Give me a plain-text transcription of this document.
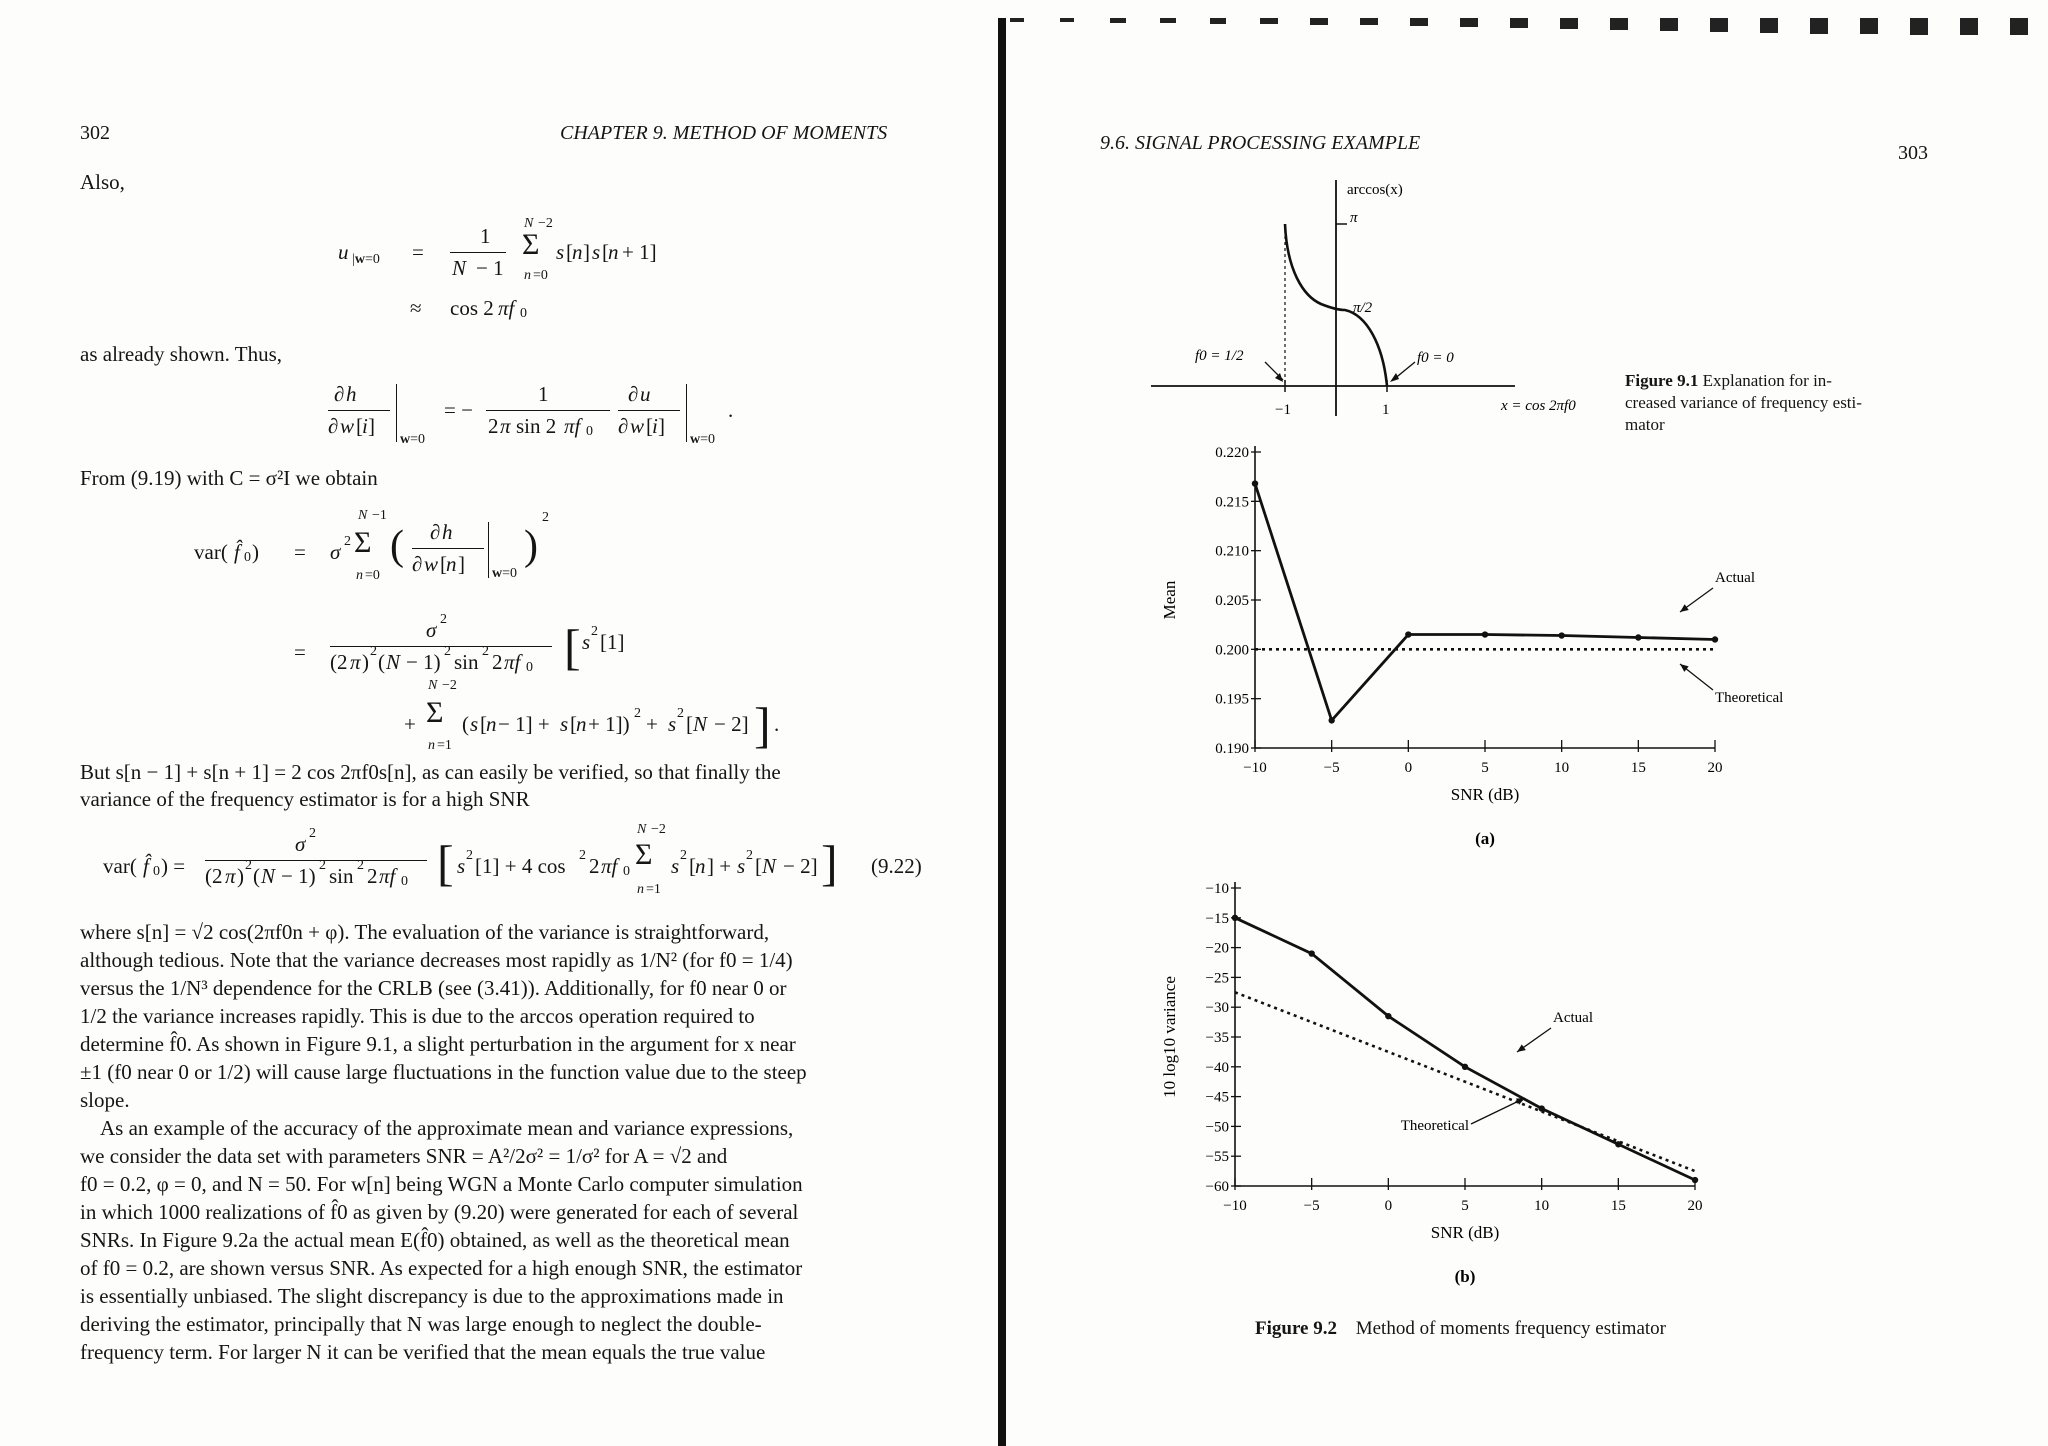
302	CHAPTER 9. METHOD OF MOMENTS
Also,
u |w=0 =
1
N − 1
N −2
Σ
n =0
s [ n ] s [ n + 1]
≈ cos 2 πf 0
as already shown. Thus,
∂ h
∂ w [ i ]
w=0
= −
1
2 π sin 2 πf 0
∂ u
∂ w [ i ]
w=0
.
From (9.19) with C = σ²I we obtain
var( f̂ 0 ) = σ 2
N −1
Σ
n =0
( ∂ h
∂ w [ n ] w=0
)
2
=
σ 2
(2 π ) 2 ( N − 1) 2 sin 2 2 πf 0 [ s 2 [1]
+
N −2
Σ
n =1
( s [ n − 1] + s [ n + 1]) 2 + s 2 [ N − 2] ] .
But s[n − 1] + s[n + 1] = 2 cos 2πf0s[n], as can easily be verified, so that finally the
variance of the frequency estimator is for a high SNR
var( f̂ 0 ) =
σ 2
(2 π ) 2 ( N − 1) 2 sin 2 2 πf 0 [ s 2 [1] + 4 cos 2 2 πf 0
N −2
Σ
n =1
s 2 [ n ] + s 2 [ N − 2] ] (9.22)
where s[n] = √2 cos(2πf0n + φ). The evaluation of the variance is straightforward,
although tedious. Note that the variance decreases most rapidly as 1/N² (for f0 = 1/4)
versus the 1/N³ dependence for the CRLB (see (3.41)). Additionally, for f0 near 0 or
1/2 the variance increases rapidly. This is due to the arccos operation required to
determine f̂0. As shown in Figure 9.1, a slight perturbation in the argument for x near
±1 (f0 near 0 or 1/2) will cause large fluctuations in the function value due to the steep
slope.
As an example of the accuracy of the approximate mean and variance expressions,
we consider the data set with parameters SNR = A²/2σ² = 1/σ² for A = √2 and
f0 = 0.2, φ = 0, and N = 50. For w[n] being WGN a Monte Carlo computer simulation
in which 1000 realizations of f̂0 as given by (9.20) were generated for each of several
SNRs. In Figure 9.2a the actual mean E(f̂0) obtained, as well as the theoretical mean
of f0 = 0.2, are shown versus SNR. As expected for a high enough SNR, the estimator
is essentially unbiased. The slight discrepancy is due to the approximations made in
deriving the estimator, principally that N was large enough to neglect the double-
frequency term. For larger N it can be verified that the mean equals the true value
9.6. SIGNAL PROCESSING EXAMPLE	303
arccos(x)
π
π/2
f0 = 1/2	f0 = 0
−1	1	x = cos 2πf0
Figure 9.1 Explanation for in-
creased variance of frequency esti-
mator
0.190
0.195
0.200
0.205
0.210
0.215
0.220
−10	−5	0	5	10	15	20
SNR (dB)
Mean
(a)
Actual
Theoretical
−60
−55
−50
−45
−40
−35
−30
−25
−20
−15
−10
−10	−5	0	5	10	15	20
SNR (dB)
10 log10 variance
(b)
Actual
Theoretical
Figure 9.2 Method of moments frequency estimator
